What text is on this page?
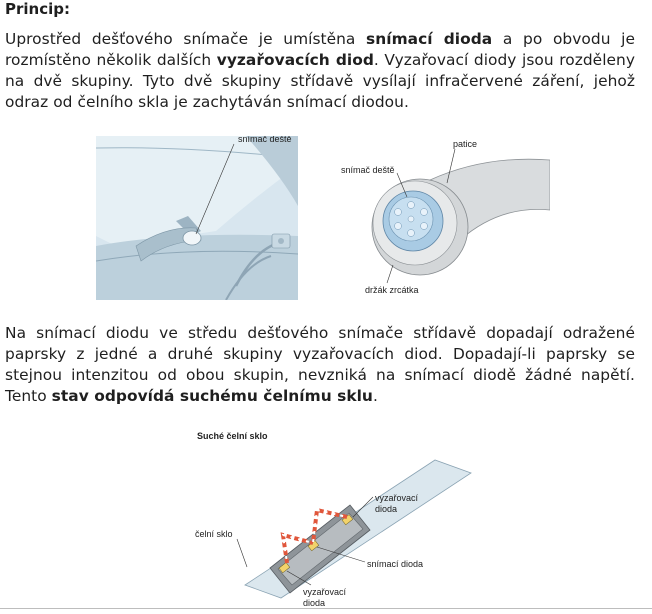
Princip:

Uprostřed dešťového snímače je umístěna snímací dioda a po obvodu je rozmístěno několik dalších vyzařovacích diod. Vyzařovací diody jsou rozděleny na dvě skupiny. Tyto dvě skupiny střídavě vysílají infračervené záření, jehož odraz od čelního skla je zachytáván snímací diodou.

snímač deště	patice
snímač deště
držák zrcátka

Na snímací diodu ve středu dešťového snímače střídavě dopadají odražené paprsky z jedné a druhé skupiny vyzařovacích diod. Dopadají-li paprsky se stejnou intenzitou od obou skupin, nevzniká na snímací diodě žádné napětí. Tento stav odpovídá suchému čelnímu sklu.

Suché čelní sklo
čelní sklo
vyzařovací
dioda
snímací dioda
vyzařovací
dioda
